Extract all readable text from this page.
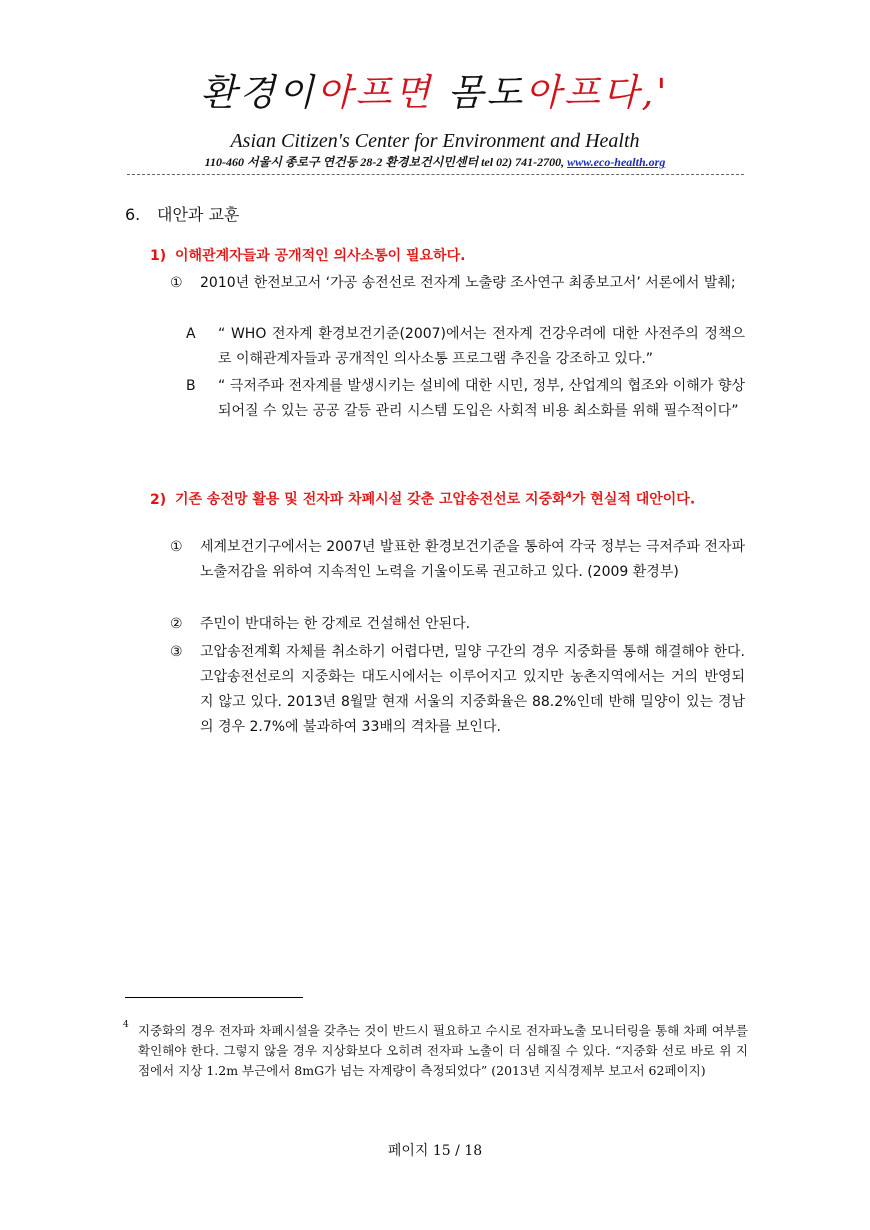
환경이아프면 몸도아프다,'
Asian Citizen's Center for Environment and Health
110-460 서울시 종로구 연건동 28-2 환경보건시민센터 tel 02) 741-2700, www.eco-health.org
6. 대안과 교훈
1) 이해관계자들과 공개적인 의사소통이 필요하다.
①	2010년 한전보고서 ‘가공 송전선로 전자계 노출량 조사연구 최종보고서’ 서론에서 발췌;
A “ WHO 전자계 환경보건기준(2007)에서는 전자계 건강우려에 대한 사전주의 정책으로 이해관계자들과 공개적인 의사소통 프로그램 추진을 강조하고 있다.”
B “ 극저주파 전자계를 발생시키는 설비에 대한 시민, 정부, 산업계의 협조와 이해가 향상 되어질 수 있는 공공 갈등 관리 시스템 도입은 사회적 비용 최소화를 위해 필수적이다”
2) 기존 송전망 활용 및 전자파 차폐시설 갖춘 고압송전선로 지중화$^4$가 현실적 대안이다.
①	세계보건기구에서는 2007년 발표한 환경보건기준을 통하여 각국 정부는 극저주파 전자파 노출저감을 위하여 지속적인 노력을 기울이도록 권고하고 있다. (2009 환경부)
②	주민이 반대하는 한 강제로 건설해선 안된다.
③	고압송전계획 자체를 취소하기 어렵다면, 밀양 구간의 경우 지중화를 통해 해결해야 한다. 고압송전선로의 지중화는 대도시에서는 이루어지고 있지만 농촌지역에서는 거의 반영되지 않고 있다. 2013년 8월말 현재 서울의 지중화율은 88.2%인데 반해 밀양이 있는 경남의 경우 2.7%에 불과하여 33배의 격차를 보인다.
4 지중화의 경우 전자파 차폐시설을 갖추는 것이 반드시 필요하고 수시로 전자파노출 모니터링을 통해 차폐 여부를 확인해야 한다. 그렇지 않을 경우 지상화보다 오히려 전자파 노출이 더 심해질 수 있다. “지중화 선로 바로 위 지점에서 지상 1.2m 부근에서 8mG가 넘는 자계량이 측정되었다” (2013년 지식경제부 보고서 62페이지)
페이지 15 / 18
